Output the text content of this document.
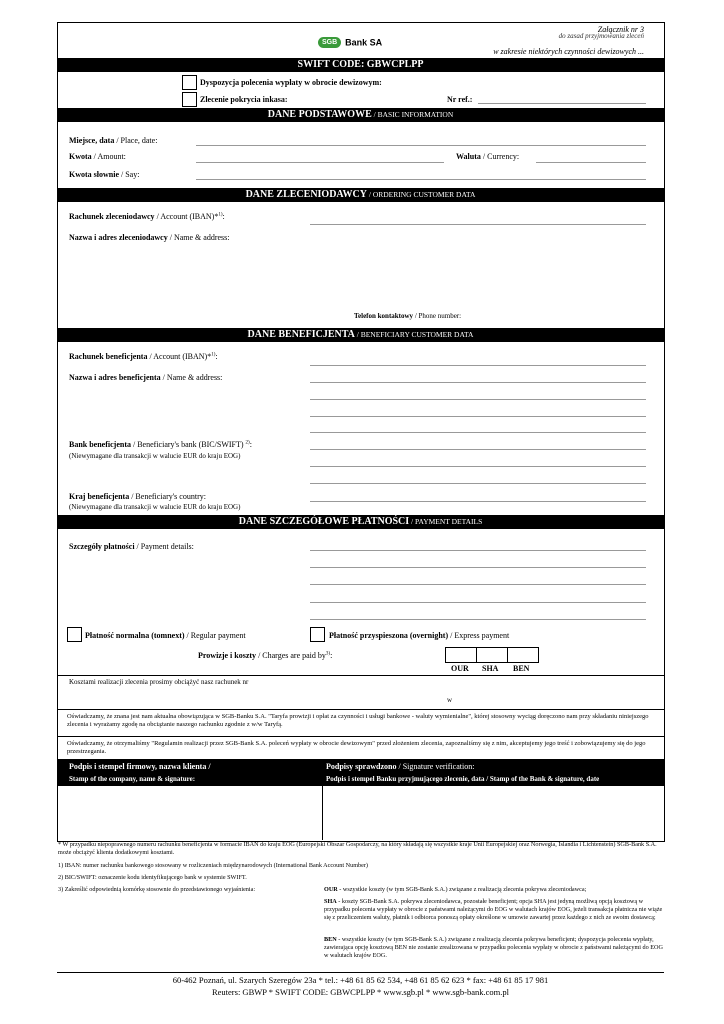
Załącznik nr 3
do zasad przyjmowania zleceń
w zakresie niektórych czynności dewizowych ...
SGB Bank SA
SWIFT CODE: GBWCPLPP
Dyspozycja polecenia wypłaty w obrocie dewizowym:
Zlecenie pokrycia inkasa:	Nr ref.:
DANE PODSTAWOWE / BASIC INFORMATION
Miejsce, data / Place, date:
Kwota / Amount:	Waluta / Currency:
Kwota słownie / Say:
DANE ZLECENIODAWCY / ORDERING CUSTOMER DATA
Rachunek zleceniodawcy / Account (IBAN)*$^{1)}$:
Nazwa i adres zleceniodawcy / Name & address:
Telefon kontaktowy / Phone number:
DANE BENEFICJENTA / BENEFICIARY CUSTOMER DATA
Rachunek beneficjenta / Account (IBAN)*$^{1)}$:
Nazwa i adres beneficjenta / Name & address:
Bank beneficjenta / Beneficiary's bank (BIC/SWIFT) $^{2)}$:
(Niewymagane dla transakcji w walucie EUR do kraju EOG)
Kraj beneficjenta / Beneficiary's country:
(Niewymagane dla transakcji w walucie EUR do kraju EOG)
DANE SZCZEGÓŁOWE PŁATNOŚCI / PAYMENT DETAILS
Szczegóły płatności / Payment details:
Płatność normalna (tomnext) / Regular payment	Płatność przyspieszona (overnight) / Express payment
Prowizje i koszty / Charges are paid $by^{3)}$:
OUR SHA BEN
Kosztami realizacji zlecenia prosimy obciążyć nasz rachunek nr
w
Oświadczamy, że znana jest nam aktualna obowiązująca w SGB-Banku S.A. "Taryfa prowizji i opłat za czynności i usługi bankowe - waluty wymienialne", której stosowny wyciąg doręczono nam przy składaniu niniejszego zlecenia i wyrażamy zgodę na obciążanie naszego rachunku zgodnie z w/w Taryfą.
Oświadczamy, że otrzymaliśmy "Regulamin realizacji przez SGB-Bank S.A. poleceń wypłaty w obrocie dewizowym" przed złożeniem zlecenia, zapoznaliśmy się z nim, akceptujemy jego treść i zobowiązujemy się do jego przestrzegania.
Podpis i stempel firmowy, nazwa klienta /
Stamp of the company, name & signature:
Podpisy sprawdzono / Signature verification:
Podpis i stempel Banku przyjmującego zlecenie, data / Stamp of the Bank & signature, date
* W przypadku niepoprawnego numeru rachunku beneficjenta w formacie IBAN do kraju EOG (Europejski Obszar Gospodarczy, na który składają się wszystkie kraje Unii Europejskiej oraz Norwegia, Islandia i Lichtenstein) SGB-Bank S.A. może obciążyć klienta dodatkowymi kosztami.
1) IBAN: numer rachunku bankowego stosowany w rozliczeniach międzynarodowych (International Bank Account Number)
2) BIC/SWIFT: oznaczenie kodu identyfikującego bank w systemie SWIFT.
3) Zakreślić odpowiednią komórkę stosownie do przedstawionego wyjaśnienia:	OUR - wszystkie koszty (w tym SGB-Bank S.A.) związane z realizacją zlecenia pokrywa zleceniodawca;
SHA - koszty SGB-Bank S.A. pokrywa zleceniodawca, pozostałe beneficjent; opcja SHA jest jedyną możliwą opcją kosztową w przypadku polecenia wypłaty w obrocie z państwami należącymi do EOG w walutach krajów EOG, jeżeli transakcja płatnicza nie wiąże się z przeliczeniem waluty, płatnik i odbiorca ponoszą opłaty określone w umowie zawartej przez każdego z nich ze swoim dostawcą;
BEN - wszystkie koszty (w tym SGB-Bank S.A.) związane z realizacją zlecenia pokrywa beneficjent; dyspozycja polecenia wypłaty, zawierająca opcję kosztową BEN nie zostanie zrealizowana w przypadku polecenia wypłaty w obrocie z państwami należącymi do EOG w walutach krajów EOG.
60-462 Poznań, ul. Szarych Szeregów 23a * tel.: +48 61 85 62 534, +48 61 85 62 623 * fax: +48 61 85 17 981
Reuters: GBWP * SWIFT CODE: GBWCPLPP * www.sgb.pl * www.sgb-bank.com.pl
